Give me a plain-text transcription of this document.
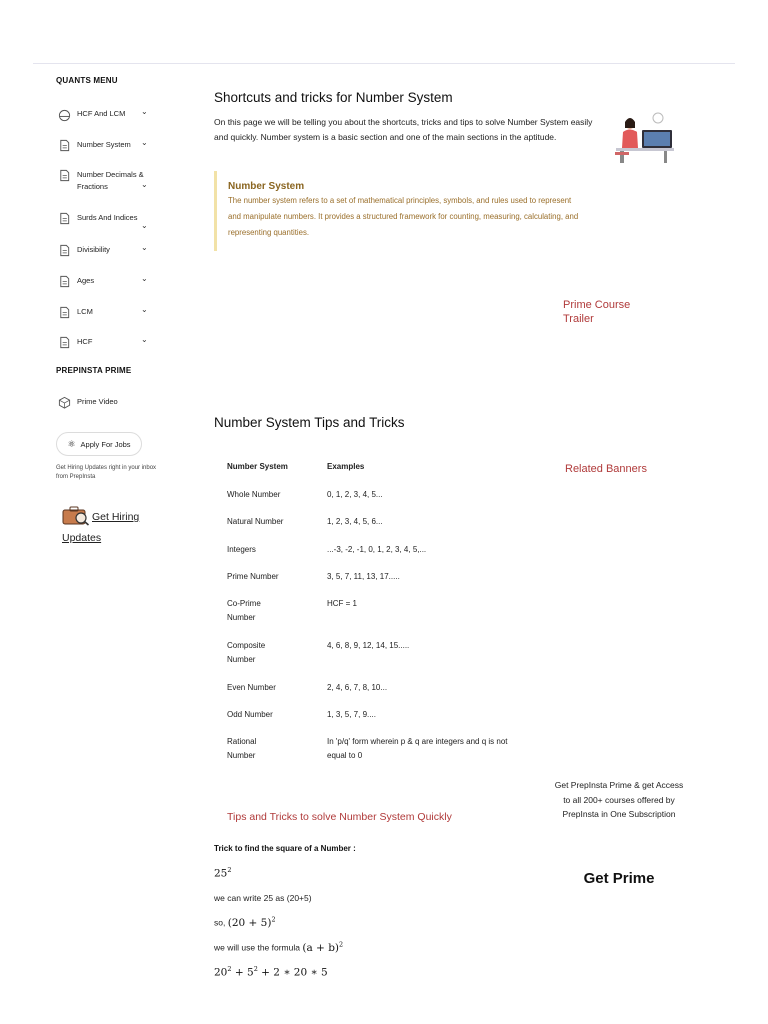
QUANTS MENU
HCF And LCM ⌄
Number System ⌄
Number Decimals & Fractions	⌄
Surds And Indices
⌄
Divisibility	⌄
Ages	⌄
LCM	⌄
HCF	⌄
PREPINSTA PRIME
Prime Video
⚛ Apply For Jobs
Get Hiring Updates right in your inbox from PrepInsta
Get Hiring Updates
Shortcuts and tricks for Number System
On this page we will be telling you about the shortcuts, tricks and tips to solve Number System easily and quickly. Number system is a basic section and one of the main sections in the aptitude.
Number System
The number system refers to a set of mathematical principles, symbols, and rules used to represent and manipulate numbers. It provides a structured framework for counting, measuring, calculating, and representing quantities.
Number System Tips and Tricks
Number System	Examples
Whole Number	0, 1, 2, 3, 4, 5...
Natural Number	1, 2, 3, 4, 5, 6...
Integers	...-3, -2, -1, 0, 1, 2, 3, 4, 5,...
Prime Number	3, 5, 7, 11, 13, 17.....
Co-Prime Number	HCF = 1
Composite Number	4, 6, 8, 9, 12, 14, 15.....
Even Number	2, 4, 6, 7, 8, 10...
Odd Number	1, 3, 5, 7, 9....
Rational Number	In 'p/q' form wherein p & q are integers and q is not equal to 0
Tips and Tricks to solve Number System Quickly
Trick to find the square of a Number :
$25^2$
we can write 25 as (20+5)
so, $(20 + 5)^2$
we will use the formula $(a + b)^2$
$20^2 + 5^2 + 2$ ∗ 20 ∗ 5
Prime Course Trailer
Related Banners
Get PrepInsta Prime & get Access to all 200+ courses offered by PrepInsta in One Subscription
Get Prime
